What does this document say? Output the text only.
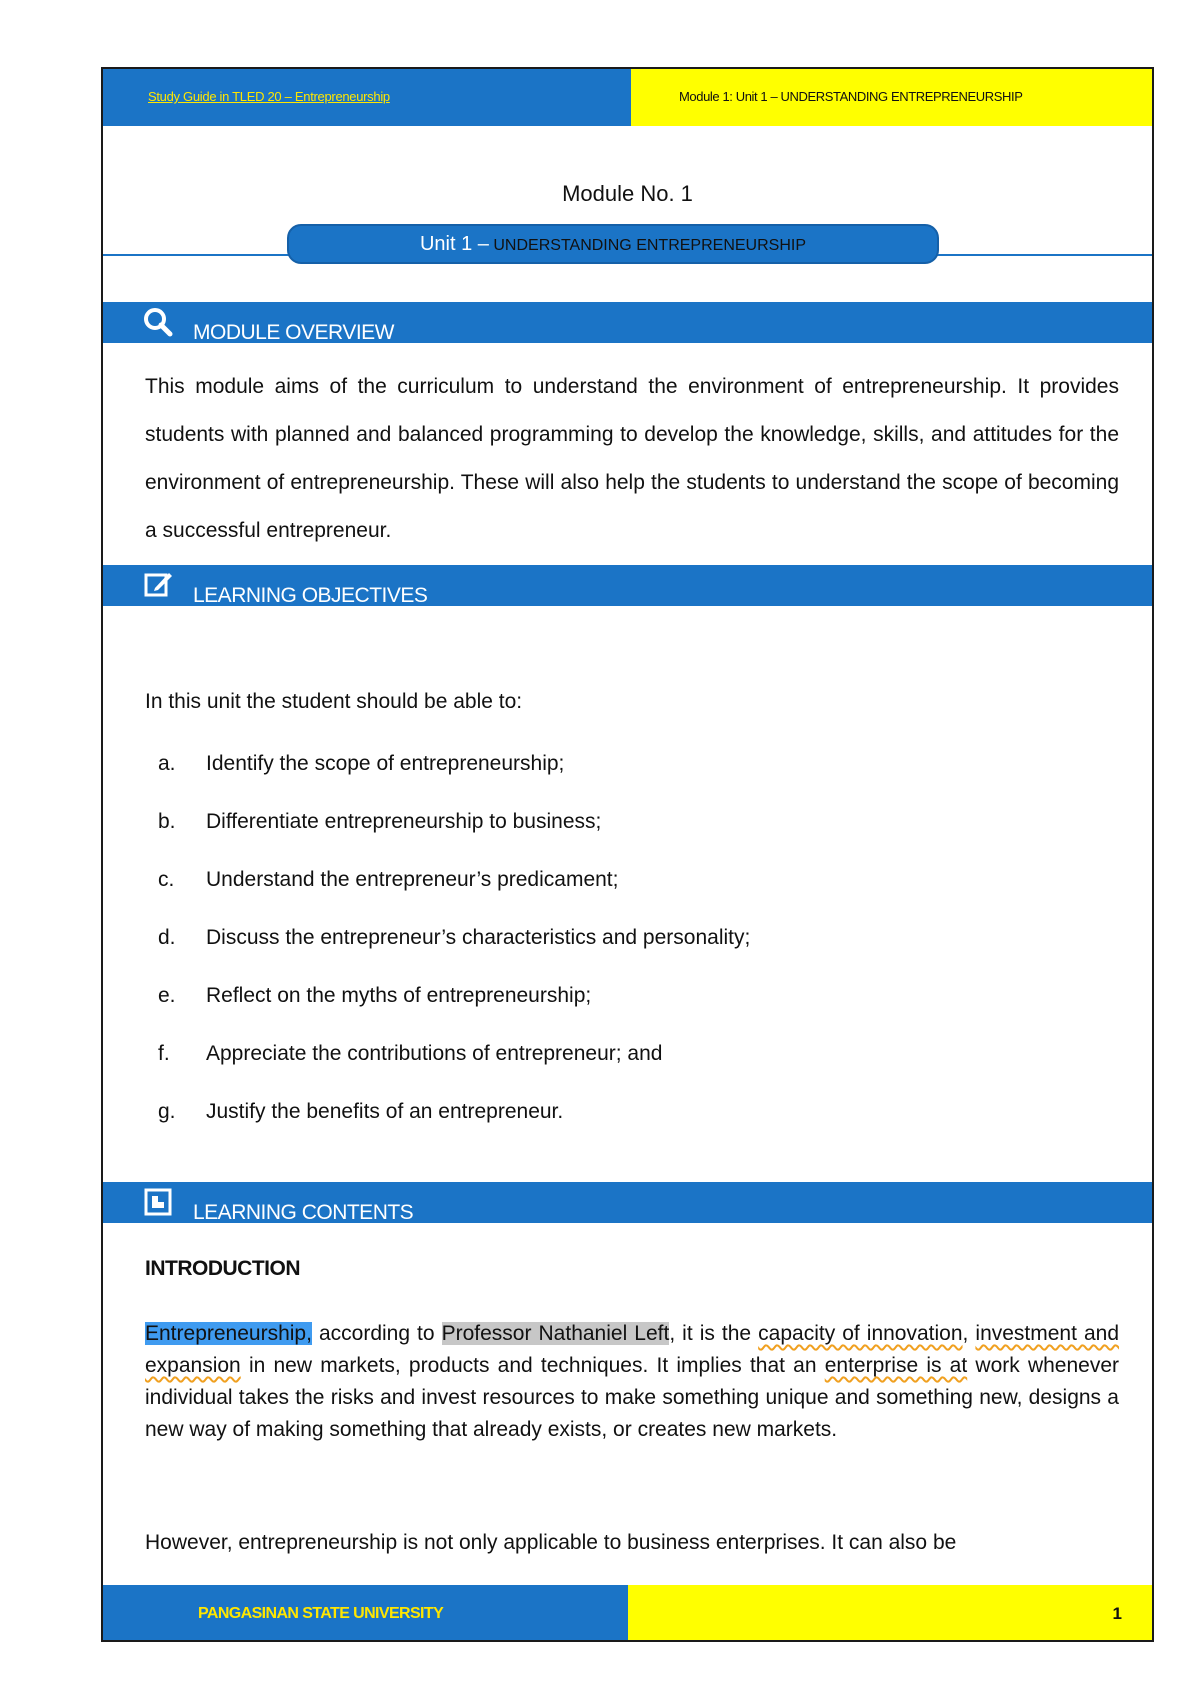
Study Guide in TLED 20 – Entrepreneurship	Module 1: Unit 1 – UNDERSTANDING ENTREPRENEURSHIP
Module No. 1
Unit 1 – UNDERSTANDING ENTREPRENEURSHIP
MODULE OVERVIEW
This module aims of the curriculum to understand the environment of entrepreneurship. It provides students with planned and balanced programming to develop the knowledge, skills, and attitudes for the environment of entrepreneurship. These will also help the students to understand the scope of becoming a successful entrepreneur.
LEARNING OBJECTIVES
In this unit the student should be able to:
a. Identify the scope of entrepreneurship;
b. Differentiate entrepreneurship to business;
c. Understand the entrepreneur’s predicament;
d. Discuss the entrepreneur’s characteristics and personality;
e. Reflect on the myths of entrepreneurship;
f. Appreciate the contributions of entrepreneur; and
g. Justify the benefits of an entrepreneur.
LEARNING CONTENTS
INTRODUCTION
Entrepreneurship, according to Professor Nathaniel Left, it is the capacity of innovation, investment and expansion in new markets, products and techniques. It implies that an enterprise is at work whenever individual takes the risks and invest resources to make something unique and something new, designs a new way of making something that already exists, or creates new markets.
However, entrepreneurship is not only applicable to business enterprises. It can also be
PANGASINAN STATE UNIVERSITY	1
